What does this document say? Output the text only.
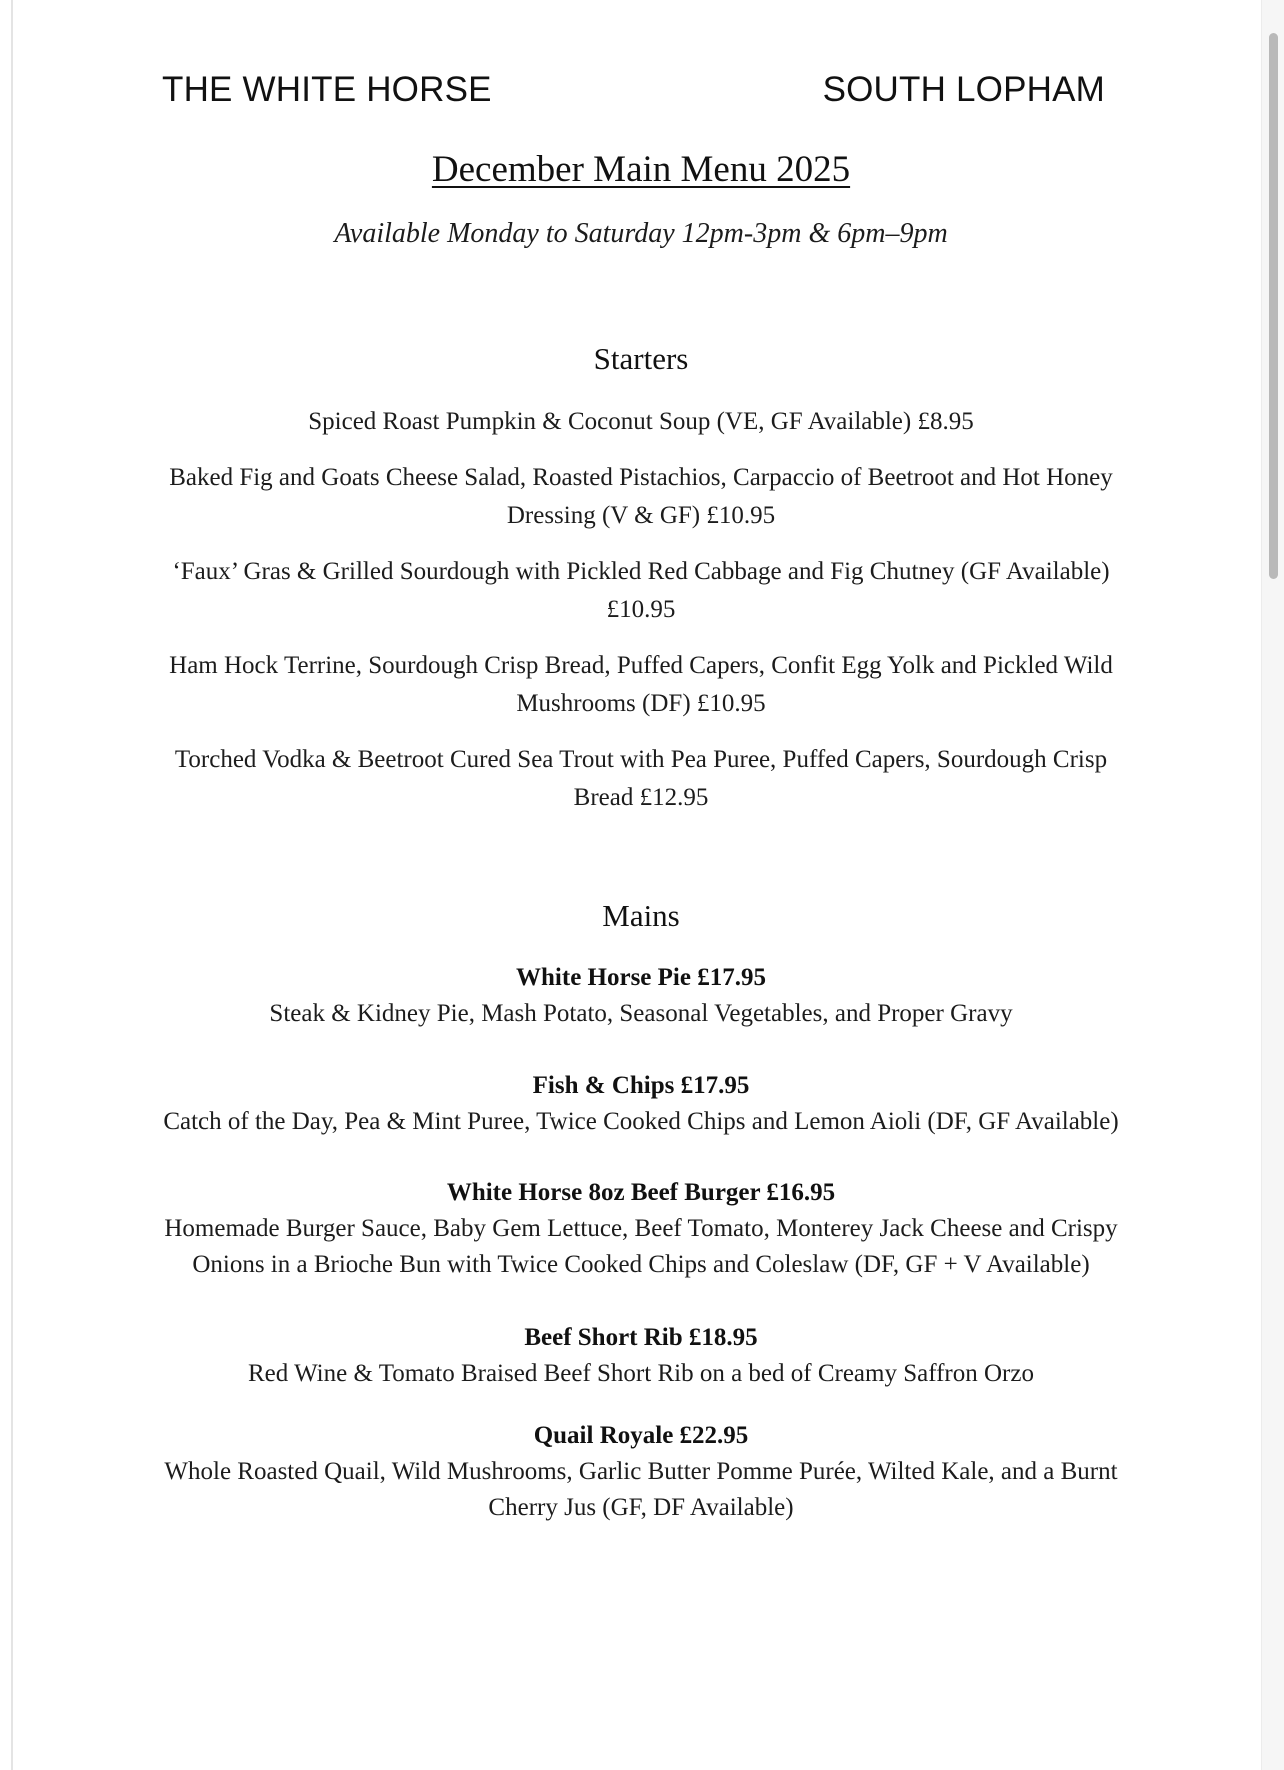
THE WHITE HORSE	SOUTH LOPHAM
December Main Menu 2025
Available Monday to Saturday 12pm-3pm & 6pm–9pm
Starters

Spiced Roast Pumpkin & Coconut Soup (VE, GF Available) £8.95

Baked Fig and Goats Cheese Salad, Roasted Pistachios, Carpaccio of Beetroot and Hot Honey Dressing (V & GF) £10.95

‘Faux’ Gras & Grilled Sourdough with Pickled Red Cabbage and Fig Chutney (GF Available) £10.95

Ham Hock Terrine, Sourdough Crisp Bread, Puffed Capers, Confit Egg Yolk and Pickled Wild Mushrooms (DF) £10.95

Torched Vodka & Beetroot Cured Sea Trout with Pea Puree, Puffed Capers, Sourdough Crisp Bread £12.95

Mains
White Horse Pie £17.95
Steak & Kidney Pie, Mash Potato, Seasonal Vegetables, and Proper Gravy
Fish & Chips £17.95
Catch of the Day, Pea & Mint Puree, Twice Cooked Chips and Lemon Aioli (DF, GF Available)
White Horse 8oz Beef Burger £16.95
Homemade Burger Sauce, Baby Gem Lettuce, Beef Tomato, Monterey Jack Cheese and Crispy Onions in a Brioche Bun with Twice Cooked Chips and Coleslaw (DF, GF + V Available)
Beef Short Rib £18.95
Red Wine & Tomato Braised Beef Short Rib on a bed of Creamy Saffron Orzo
Quail Royale £22.95
Whole Roasted Quail, Wild Mushrooms, Garlic Butter Pomme Purée, Wilted Kale, and a Burnt Cherry Jus (GF, DF Available)
